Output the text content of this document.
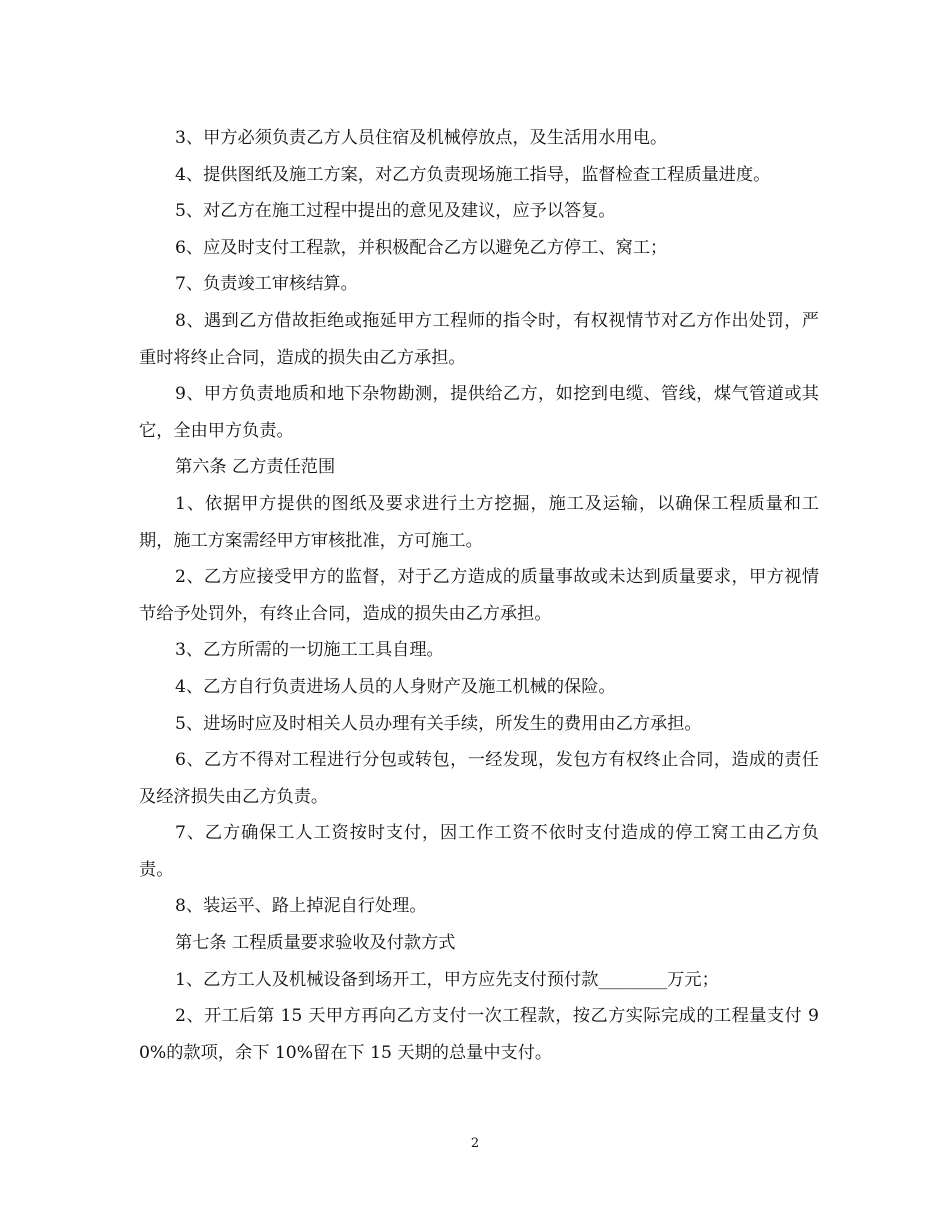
3、甲方必须负责乙方人员住宿及机械停放点，及生活用水用电。

4、提供图纸及施工方案，对乙方负责现场施工指导，监督检查工程质量进度。

5、对乙方在施工过程中提出的意见及建议，应予以答复。

6、应及时支付工程款，并积极配合乙方以避免乙方停工、窝工；

7、负责竣工审核结算。

8、遇到乙方借故拒绝或拖延甲方工程师的指令时，有权视情节对乙方作出处罚，严重时将终止合同，造成的损失由乙方承担。

9、甲方负责地质和地下杂物勘测，提供给乙方，如挖到电缆、管线，煤气管道或其它，全由甲方负责。

第六条 乙方责任范围

1、依据甲方提供的图纸及要求进行土方挖掘，施工及运输，以确保工程质量和工期，施工方案需经甲方审核批准，方可施工。

2、乙方应接受甲方的监督，对于乙方造成的质量事故或未达到质量要求，甲方视情节给予处罚外，有终止合同，造成的损失由乙方承担。

3、乙方所需的一切施工工具自理。

4、乙方自行负责进场人员的人身财产及施工机械的保险。

5、进场时应及时相关人员办理有关手续，所发生的费用由乙方承担。

6、乙方不得对工程进行分包或转包，一经发现，发包方有权终止合同，造成的责任及经济损失由乙方负责。

7、乙方确保工人工资按时支付，因工作工资不依时支付造成的停工窝工由乙方负责。

8、装运平、路上掉泥自行处理。

第七条 工程质量要求验收及付款方式

1、乙方工人及机械设备到场开工，甲方应先支付预付款________万元；

2、开工后第 15 天甲方再向乙方支付一次工程款，按乙方实际完成的工程量支付 90%的款项，余下 10%留在下 15 天期的总量中支付。

2
